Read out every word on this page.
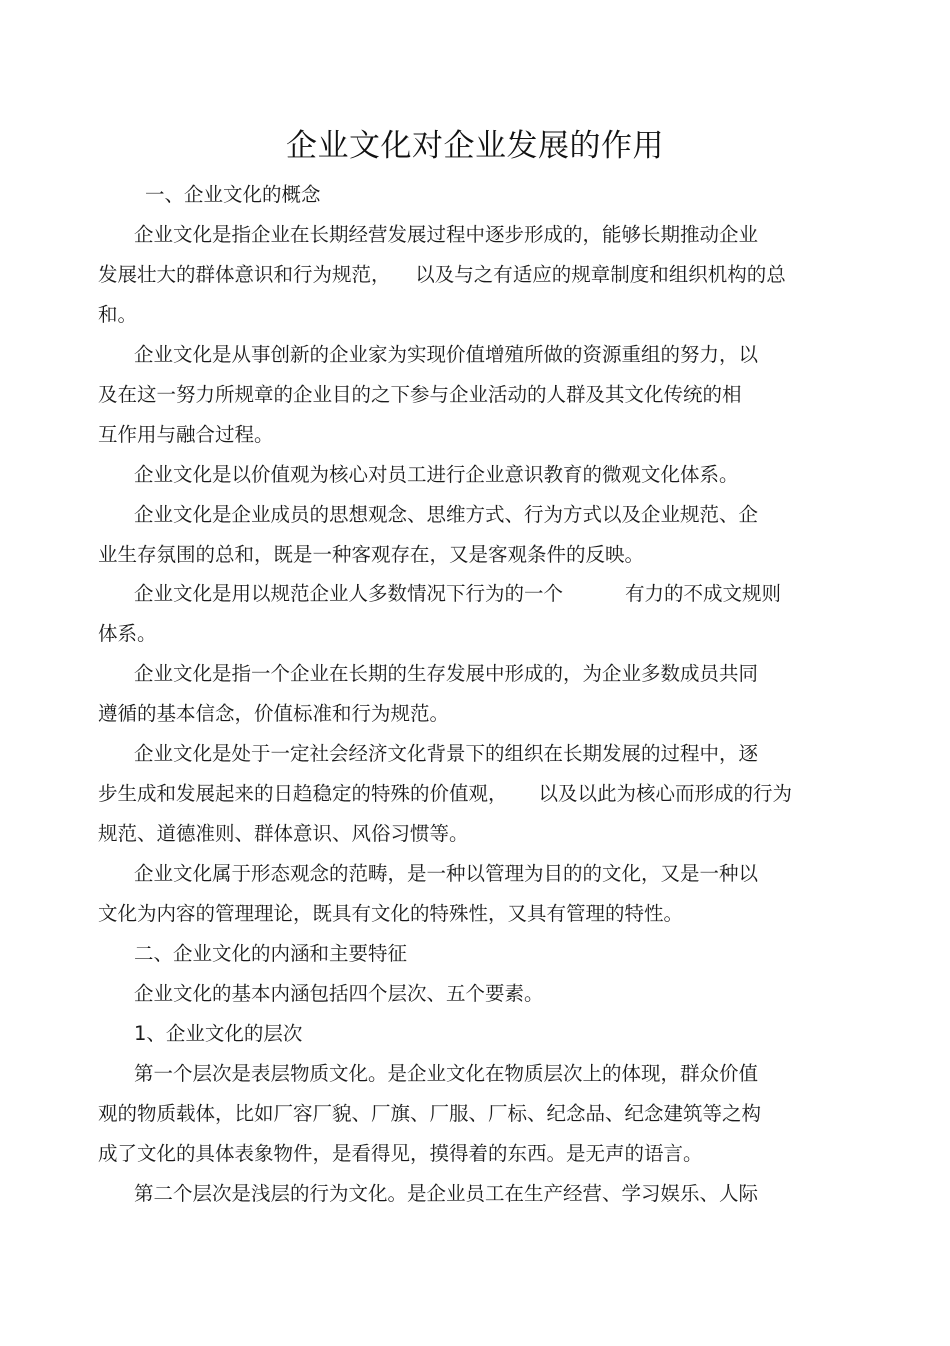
企业文化对企业发展的作用
一、企业文化的概念
企业文化是指企业在长期经营发展过程中逐步形成的，能够长期推动企业
发展壮大的群体意识和行为规范，    以及与之有适应的规章制度和组织机构的总
和。
企业文化是从事创新的企业家为实现价值增殖所做的资源重组的努力，以
及在这一努力所规章的企业目的之下参与企业活动的人群及其文化传统的相
互作用与融合过程。
企业文化是以价值观为核心对员工进行企业意识教育的微观文化体系。
企业文化是企业成员的思想观念、思维方式、行为方式以及企业规范、企
业生存氛围的总和，既是一种客观存在，又是客观条件的反映。
企业文化是用以规范企业人多数情况下行为的一个          有力的不成文规则
体系。
企业文化是指一个企业在长期的生存发展中形成的，为企业多数成员共同
遵循的基本信念，价值标准和行为规范。
企业文化是处于一定社会经济文化背景下的组织在长期发展的过程中，逐
步生成和发展起来的日趋稳定的特殊的价值观，     以及以此为核心而形成的行为
规范、道德准则、群体意识、风俗习惯等。
企业文化属于形态观念的范畴，是一种以管理为目的的文化，又是一种以
文化为内容的管理理论，既具有文化的特殊性，又具有管理的特性。
二、企业文化的内涵和主要特征
企业文化的基本内涵包括四个层次、五个要素。
1、企业文化的层次
第一个层次是表层物质文化。是企业文化在物质层次上的体现，群众价值
观的物质载体，比如厂容厂貌、厂旗、厂服、厂标、纪念品、纪念建筑等之构
成了文化的具体表象物件，是看得见，摸得着的东西。是无声的语言。
第二个层次是浅层的行为文化。是企业员工在生产经营、学习娱乐、人际
